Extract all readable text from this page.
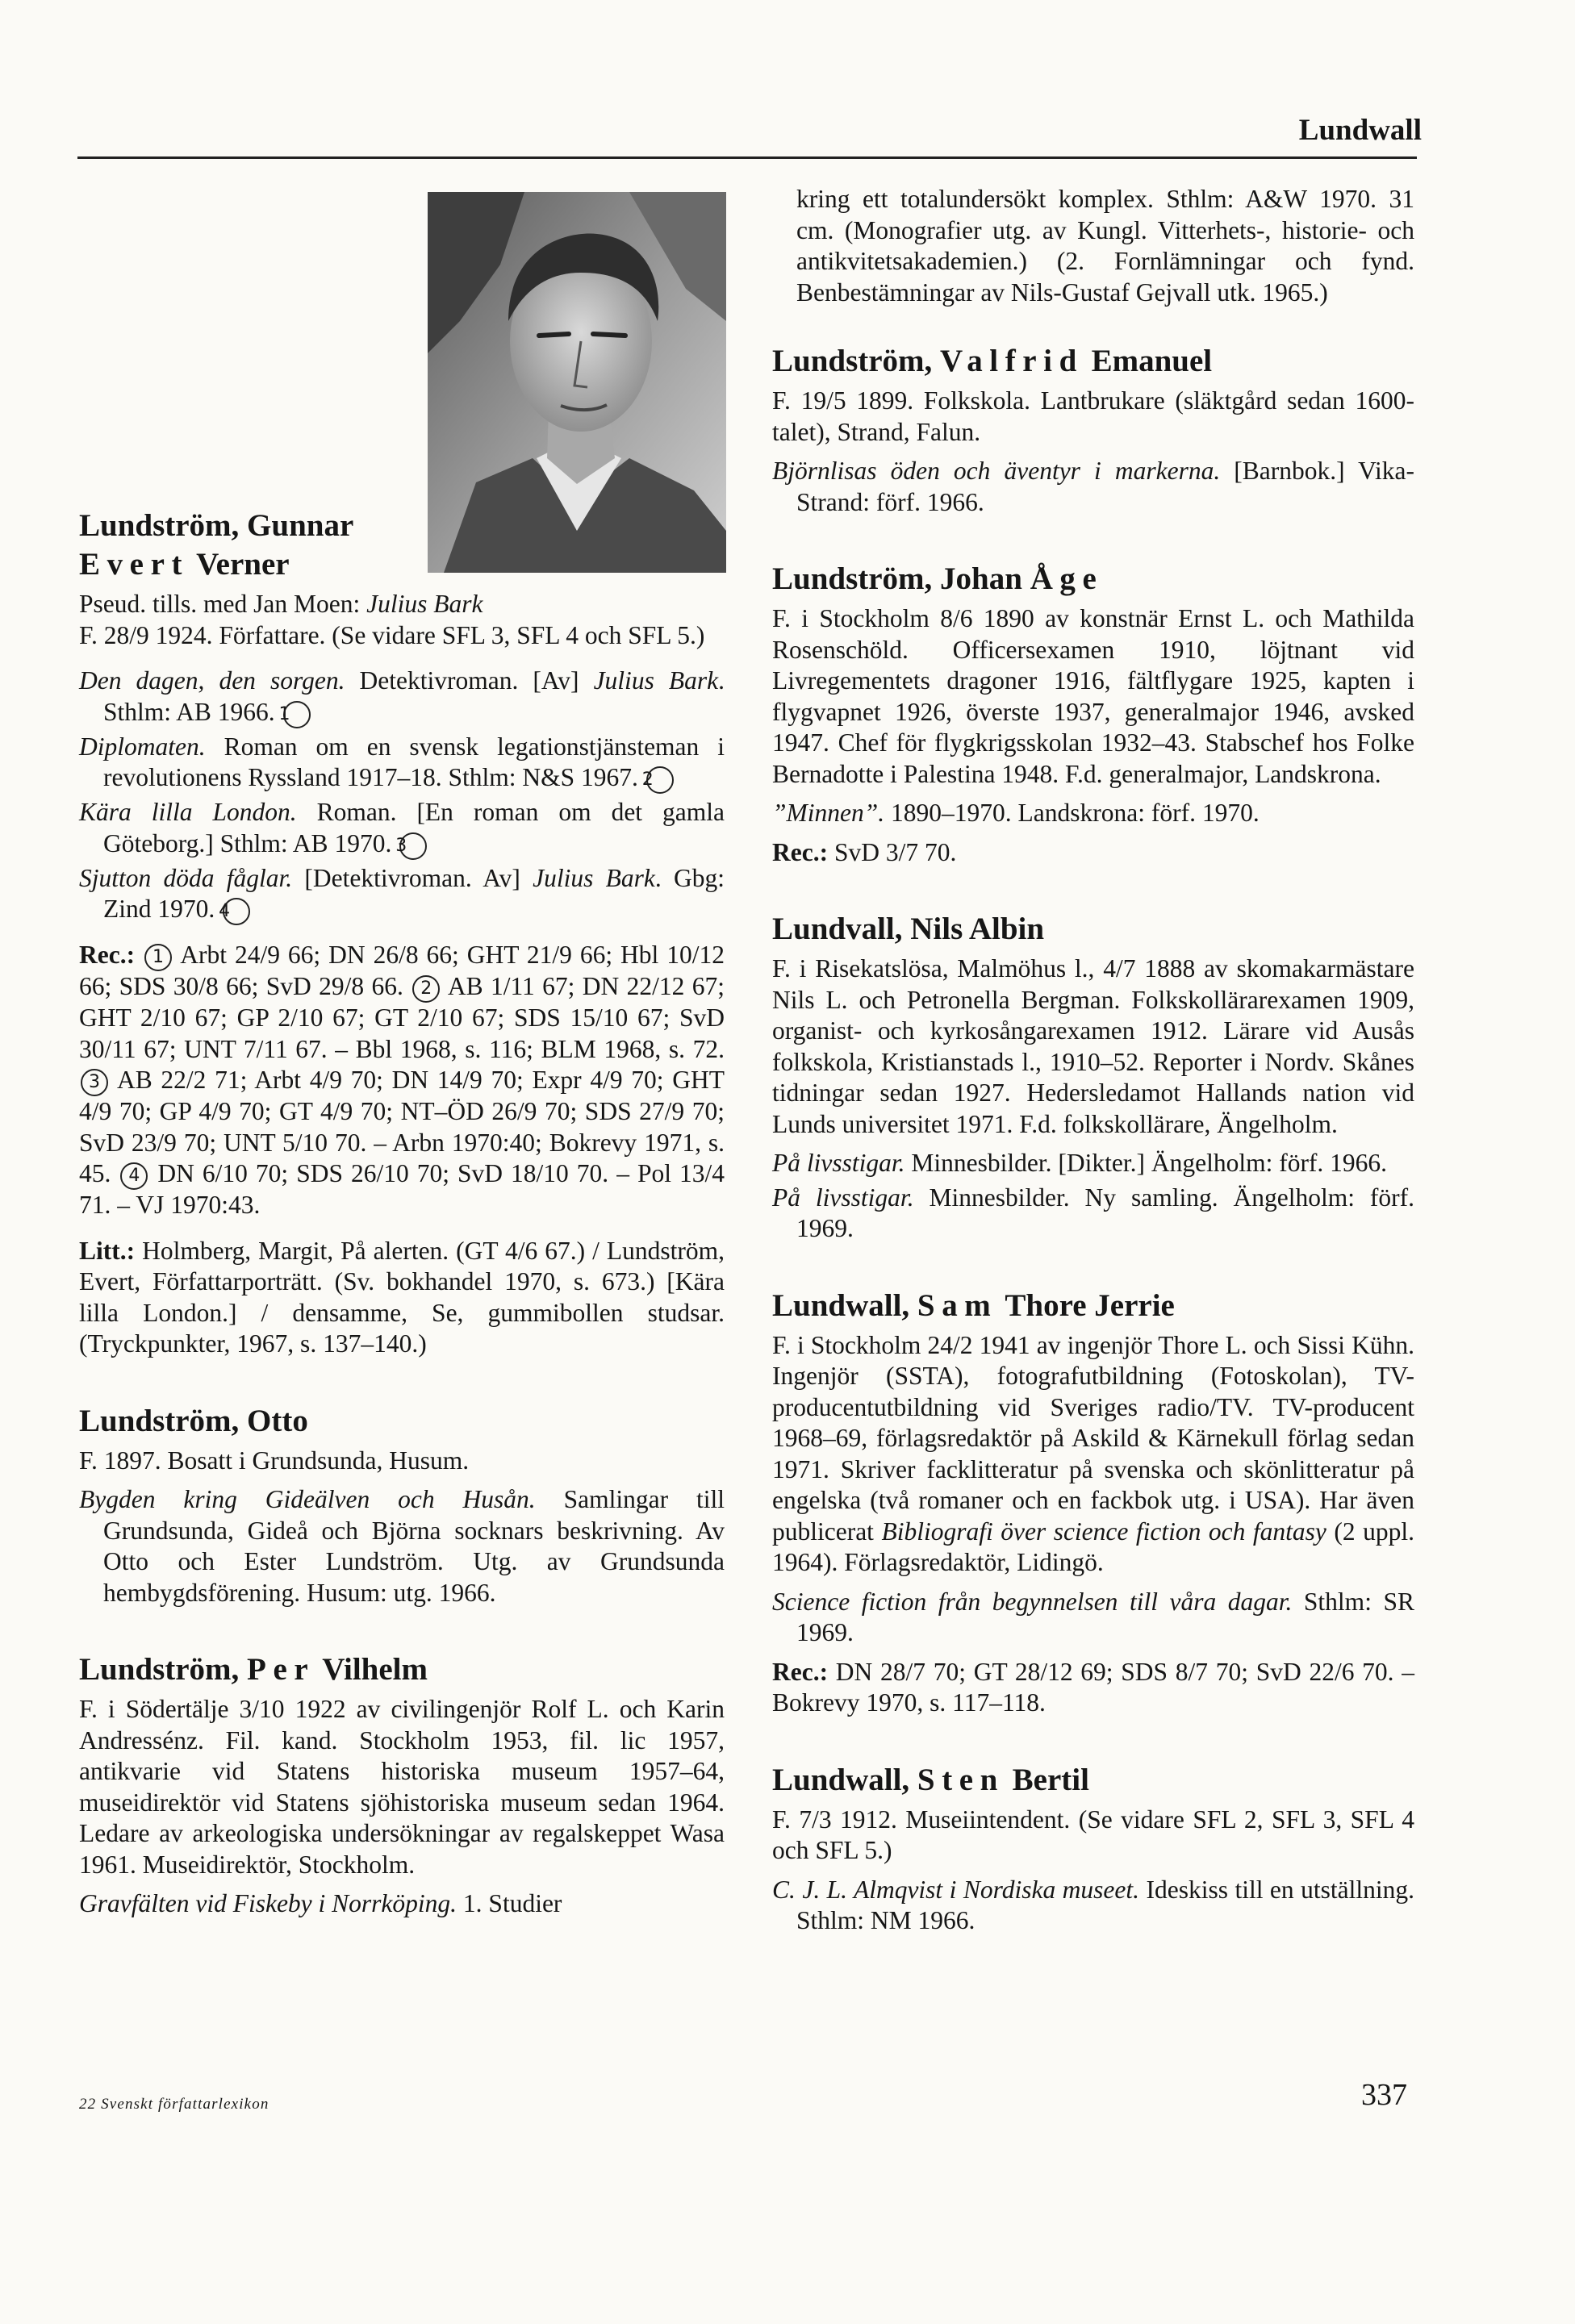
Lundwall
Lundström, Gunnar
Evert Verner
Pseud. tills. med Jan Moen: Julius Bark
F. 28/9 1924. Författare. (Se vidare SFL 3, SFL 4 och SFL 5.)
Den dagen, den sorgen. Detektivroman. [Av] Julius Bark. Sthlm: AB 1966. 1
Diplomaten. Roman om en svensk legationstjänsteman i revolutionens Ryssland 1917–18. Sthlm: N&S 1967. 2
Kära lilla London. Roman. [En roman om det gamla Göteborg.] Sthlm: AB 1970. 3
Sjutton döda fåglar. [Detektivroman. Av] Julius Bark. Gbg: Zind 1970. 4
Rec.: 1 Arbt 24/9 66; DN 26/8 66; GHT 21/9 66; Hbl 10/12 66; SDS 30/8 66; SvD 29/8 66. 2 AB 1/11 67; DN 22/12 67; GHT 2/10 67; GP 2/10 67; GT 2/10 67; SDS 15/10 67; SvD 30/11 67; UNT 7/11 67. – Bbl 1968, s. 116; BLM 1968, s. 72. 3 AB 22/2 71; Arbt 4/9 70; DN 14/9 70; Expr 4/9 70; GHT 4/9 70; GP 4/9 70; GT 4/9 70; NT–ÖD 26/9 70; SDS 27/9 70; SvD 23/9 70; UNT 5/10 70. – Arbn 1970:40; Bokrevy 1971, s. 45. 4 DN 6/10 70; SDS 26/10 70; SvD 18/10 70. – Pol 13/4 71. – VJ 1970:43.
Litt.: Holmberg, Margit, På alerten. (GT 4/6 67.) / Lundström, Evert, Författarporträtt. (Sv. bokhandel 1970, s. 673.) [Kära lilla London.] / densamme, Se, gummibollen studsar. (Tryckpunkter, 1967, s. 137–140.)
Lundström, Otto
F. 1897. Bosatt i Grundsunda, Husum.
Bygden kring Gideälven och Husån. Samlingar till Grundsunda, Gideå och Björna socknars beskrivning. Av Otto och Ester Lundström. Utg. av Grundsunda hembygdsförening. Husum: utg. 1966.
Lundström, Per Vilhelm
F. i Södertälje 3/10 1922 av civilingenjör Rolf L. och Karin Andressénz. Fil. kand. Stockholm 1953, fil. lic 1957, antikvarie vid Statens historiska museum 1957–64, museidirektör vid Statens sjöhistoriska museum sedan 1964. Ledare av arkeologiska undersökningar av regalskeppet Wasa 1961. Museidirektör, Stockholm.
Gravfälten vid Fiskeby i Norrköping. 1. Studier
kring ett totalundersökt komplex. Sthlm: A&W 1970. 31 cm. (Monografier utg. av Kungl. Vitterhets-, historie- och antikvitetsakademien.) (2. Fornlämningar och fynd. Benbestämningar av Nils-Gustaf Gejvall utk. 1965.)
Lundström, Valfrid Emanuel
F. 19/5 1899. Folkskola. Lantbrukare (släktgård sedan 1600-talet), Strand, Falun.
Björnlisas öden och äventyr i markerna. [Barnbok.] Vika-Strand: förf. 1966.
Lundström, Johan Åge
F. i Stockholm 8/6 1890 av konstnär Ernst L. och Mathilda Rosenschöld. Officersexamen 1910, löjtnant vid Livregementets dragoner 1916, fältflygare 1925, kapten i flygvapnet 1926, överste 1937, generalmajor 1946, avsked 1947. Chef för flygkrigsskolan 1932–43. Stabschef hos Folke Bernadotte i Palestina 1948. F.d. generalmajor, Landskrona.
”Minnen”. 1890–1970. Landskrona: förf. 1970.
Rec.: SvD 3/7 70.
Lundvall, Nils Albin
F. i Risekatslösa, Malmöhus l., 4/7 1888 av skomakarmästare Nils L. och Petronella Bergman. Folkskollärarexamen 1909, organist- och kyrkosångarexamen 1912. Lärare vid Ausås folkskola, Kristianstads l., 1910–52. Reporter i Nordv. Skånes tidningar sedan 1927. Hedersledamot Hallands nation vid Lunds universitet 1971. F.d. folkskollärare, Ängelholm.
På livsstigar. Minnesbilder. [Dikter.] Ängelholm: förf. 1966.
På livsstigar. Minnesbilder. Ny samling. Ängelholm: förf. 1969.
Lundwall, Sam Thore Jerrie
F. i Stockholm 24/2 1941 av ingenjör Thore L. och Sissi Kühn. Ingenjör (SSTA), fotografutbildning (Fotoskolan), TV-producentutbildning vid Sveriges radio/TV. TV-producent 1968–69, förlagsredaktör på Askild & Kärnekull förlag sedan 1971. Skriver facklitteratur på svenska och skönlitteratur på engelska (två romaner och en fackbok utg. i USA). Har även publicerat Bibliografi över science fiction och fantasy (2 uppl. 1964). Förlagsredaktör, Lidingö.
Science fiction från begynnelsen till våra dagar. Sthlm: SR 1969.
Rec.: DN 28/7 70; GT 28/12 69; SDS 8/7 70; SvD 22/6 70. – Bokrevy 1970, s. 117–118.
Lundwall, Sten Bertil
F. 7/3 1912. Museiintendent. (Se vidare SFL 2, SFL 3, SFL 4 och SFL 5.)
C. J. L. Almqvist i Nordiska museet. Ideskiss till en utställning. Sthlm: NM 1966.
22 Svenskt författarlexikon	337
